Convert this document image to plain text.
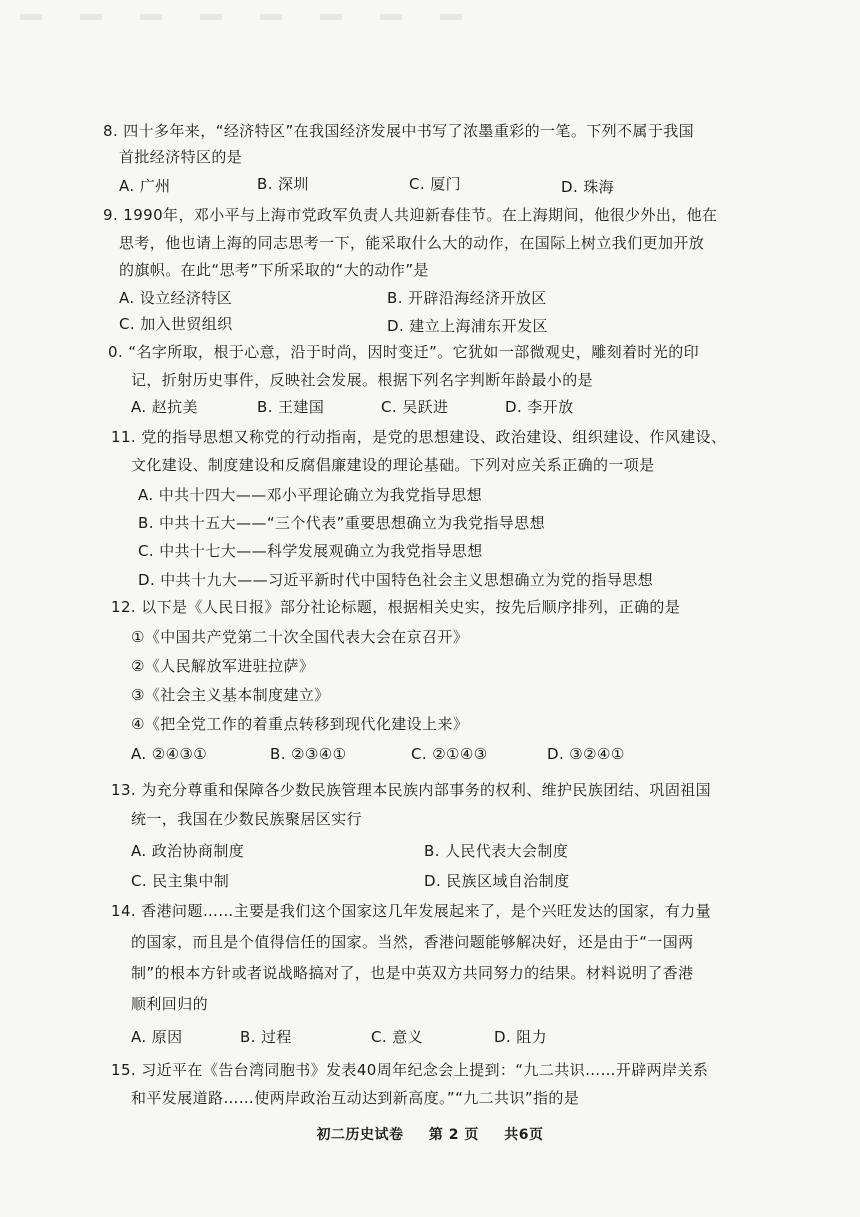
8. 四十多年来，“经济特区”在我国经济发展中书写了浓墨重彩的一笔。下列不属于我国
首批经济特区的是
A. 广州	B. 深圳	C. 厦门	D. 珠海
9. 1990年，邓小平与上海市党政军负责人共迎新春佳节。在上海期间，他很少外出，他在
思考，他也请上海的同志思考一下，能采取什么大的动作，在国际上树立我们更加开放
的旗帜。在此“思考”下所采取的“大的动作”是
A. 设立经济特区	B. 开辟沿海经济开放区
C. 加入世贸组织	D. 建立上海浦东开发区
0. “名字所取，根于心意，沿于时尚，因时变迁”。它犹如一部微观史，雕刻着时光的印
记，折射历史事件，反映社会发展。根据下列名字判断年龄最小的是
A. 赵抗美	B. 王建国	C. 吴跃进	D. 李开放
11. 党的指导思想又称党的行动指南，是党的思想建设、政治建设、组织建设、作风建设、
文化建设、制度建设和反腐倡廉建设的理论基础。下列对应关系正确的一项是
A. 中共十四大——邓小平理论确立为我党指导思想
B. 中共十五大——“三个代表”重要思想确立为我党指导思想
C. 中共十七大——科学发展观确立为我党指导思想
D. 中共十九大——习近平新时代中国特色社会主义思想确立为党的指导思想
12. 以下是《人民日报》部分社论标题，根据相关史实，按先后顺序排列，正确的是
①《中国共产党第二十次全国代表大会在京召开》
②《人民解放军进驻拉萨》
③《社会主义基本制度建立》
④《把全党工作的着重点转移到现代化建设上来》
A. ②④③①	B. ②③④①	C. ②①④③	D. ③②④①
13. 为充分尊重和保障各少数民族管理本民族内部事务的权利、维护民族团结、巩固祖国
统一，我国在少数民族聚居区实行
A. 政治协商制度	B. 人民代表大会制度
C. 民主集中制	D. 民族区域自治制度
14. 香港问题……主要是我们这个国家这几年发展起来了，是个兴旺发达的国家，有力量
的国家，而且是个值得信任的国家。当然，香港问题能够解决好，还是由于“一国两
制”的根本方针或者说战略搞对了，也是中英双方共同努力的结果。材料说明了香港
顺利回归的
A. 原因	B. 过程	C. 意义	D. 阻力
15. 习近平在《告台湾同胞书》发表40周年纪念会上提到：“九二共识……开辟两岸关系
和平发展道路……使两岸政治互动达到新高度。”“九二共识”指的是
初二历史试卷 第 2 页 共6页
